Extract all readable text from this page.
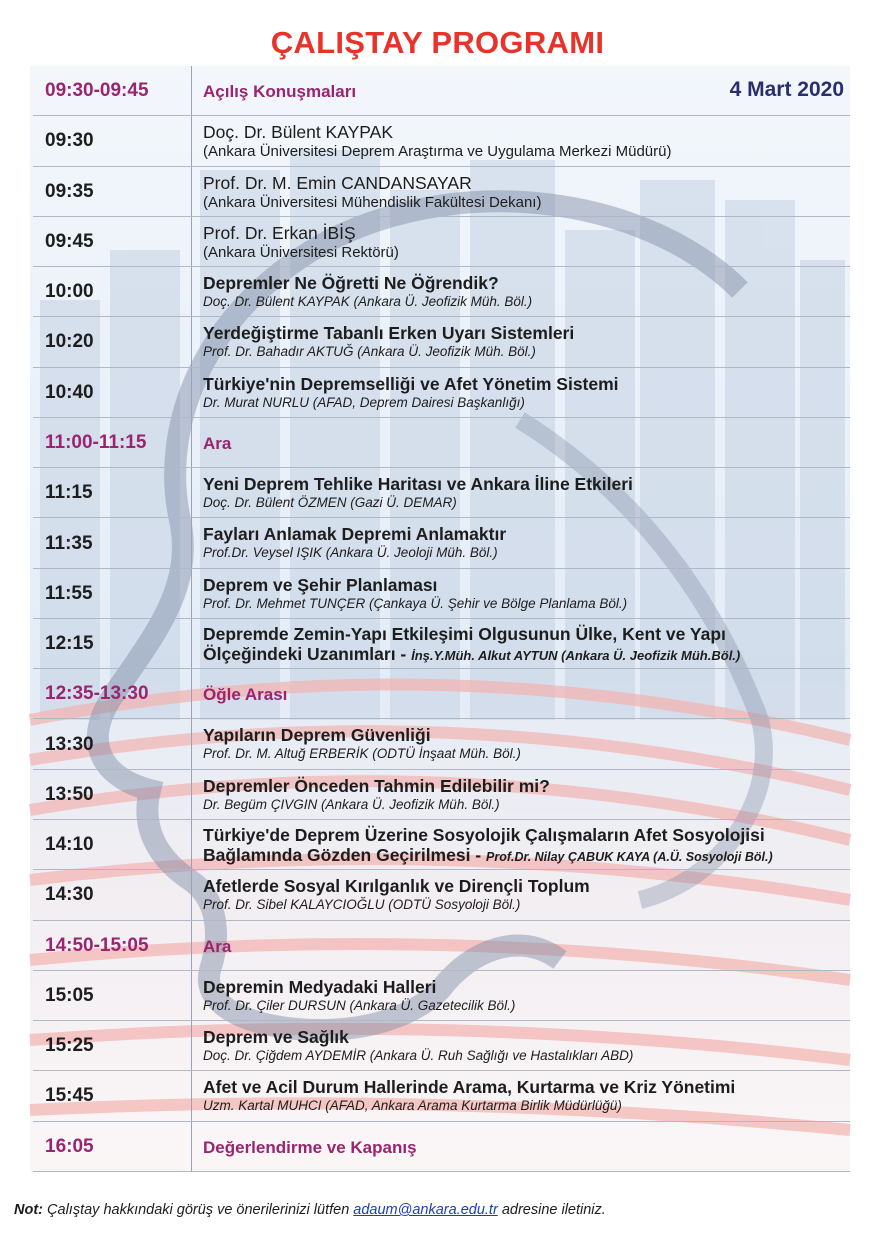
ÇALIŞTAY PROGRAMI
4 Mart 2020
09:30-09:45	Açılış Konuşmaları
09:30	Doç. Dr. Bülent KAYPAK
(Ankara Üniversitesi Deprem Araştırma ve Uygulama Merkezi Müdürü)
09:35	Prof. Dr. M. Emin CANDANSAYAR
(Ankara Üniversitesi Mühendislik Fakültesi Dekanı)
09:45	Prof. Dr. Erkan İBİŞ
(Ankara Üniversitesi Rektörü)
10:00	Depremler Ne Öğretti Ne Öğrendik?
Doç. Dr. Bülent KAYPAK (Ankara Ü. Jeofizik Müh. Böl.)
10:20	Yerdeğiştirme Tabanlı Erken Uyarı Sistemleri
Prof. Dr. Bahadır AKTUĞ (Ankara Ü. Jeofizik Müh. Böl.)
10:40	Türkiye'nin Depremselliği ve Afet Yönetim Sistemi
Dr. Murat NURLU (AFAD, Deprem Dairesi Başkanlığı)
11:00-11:15	Ara
11:15	Yeni Deprem Tehlike Haritası ve Ankara İline Etkileri
Doç. Dr. Bülent ÖZMEN (Gazi Ü. DEMAR)
11:35	Fayları Anlamak Depremi Anlamaktır
Prof.Dr. Veysel IŞIK (Ankara Ü. Jeoloji Müh. Böl.)
11:55	Deprem ve Şehir Planlaması
Prof. Dr. Mehmet TUNÇER (Çankaya Ü. Şehir ve Bölge Planlama Böl.)
12:15	Depremde Zemin-Yapı Etkileşimi Olgusunun Ülke, Kent ve Yapı
Ölçeğindeki Uzanımları - İnş.Y.Müh. Alkut AYTUN (Ankara Ü. Jeofizik Müh.Böl.)
12:35-13:30	Öğle Arası
13:30	Yapıların Deprem Güvenliği
Prof. Dr. M. Altuğ ERBERİK (ODTÜ İnşaat Müh. Böl.)
13:50	Depremler Önceden Tahmin Edilebilir mi?
Dr. Begüm ÇIVGIN (Ankara Ü. Jeofizik Müh. Böl.)
14:10	Türkiye'de Deprem Üzerine Sosyolojik Çalışmaların Afet Sosyolojisi
Bağlamında Gözden Geçirilmesi - Prof.Dr. Nilay ÇABUK KAYA (A.Ü. Sosyoloji Böl.)
14:30	Afetlerde Sosyal Kırılganlık ve Dirençli Toplum
Prof. Dr. Sibel KALAYCIOĞLU (ODTÜ Sosyoloji Böl.)
14:50-15:05	Ara
15:05	Depremin Medyadaki Halleri
Prof. Dr. Çiler DURSUN (Ankara Ü. Gazetecilik Böl.)
15:25	Deprem ve Sağlık
Doç. Dr. Çiğdem AYDEMİR (Ankara Ü. Ruh Sağlığı ve Hastalıkları ABD)
15:45	Afet ve Acil Durum Hallerinde Arama, Kurtarma ve Kriz Yönetimi
Uzm. Kartal MUHCI (AFAD, Ankara Arama Kurtarma Birlik Müdürlüğü)
16:05	Değerlendirme ve Kapanış
Not: Çalıştay hakkındaki görüş ve önerilerinizi lütfen adaum@ankara.edu.tr adresine iletiniz.
